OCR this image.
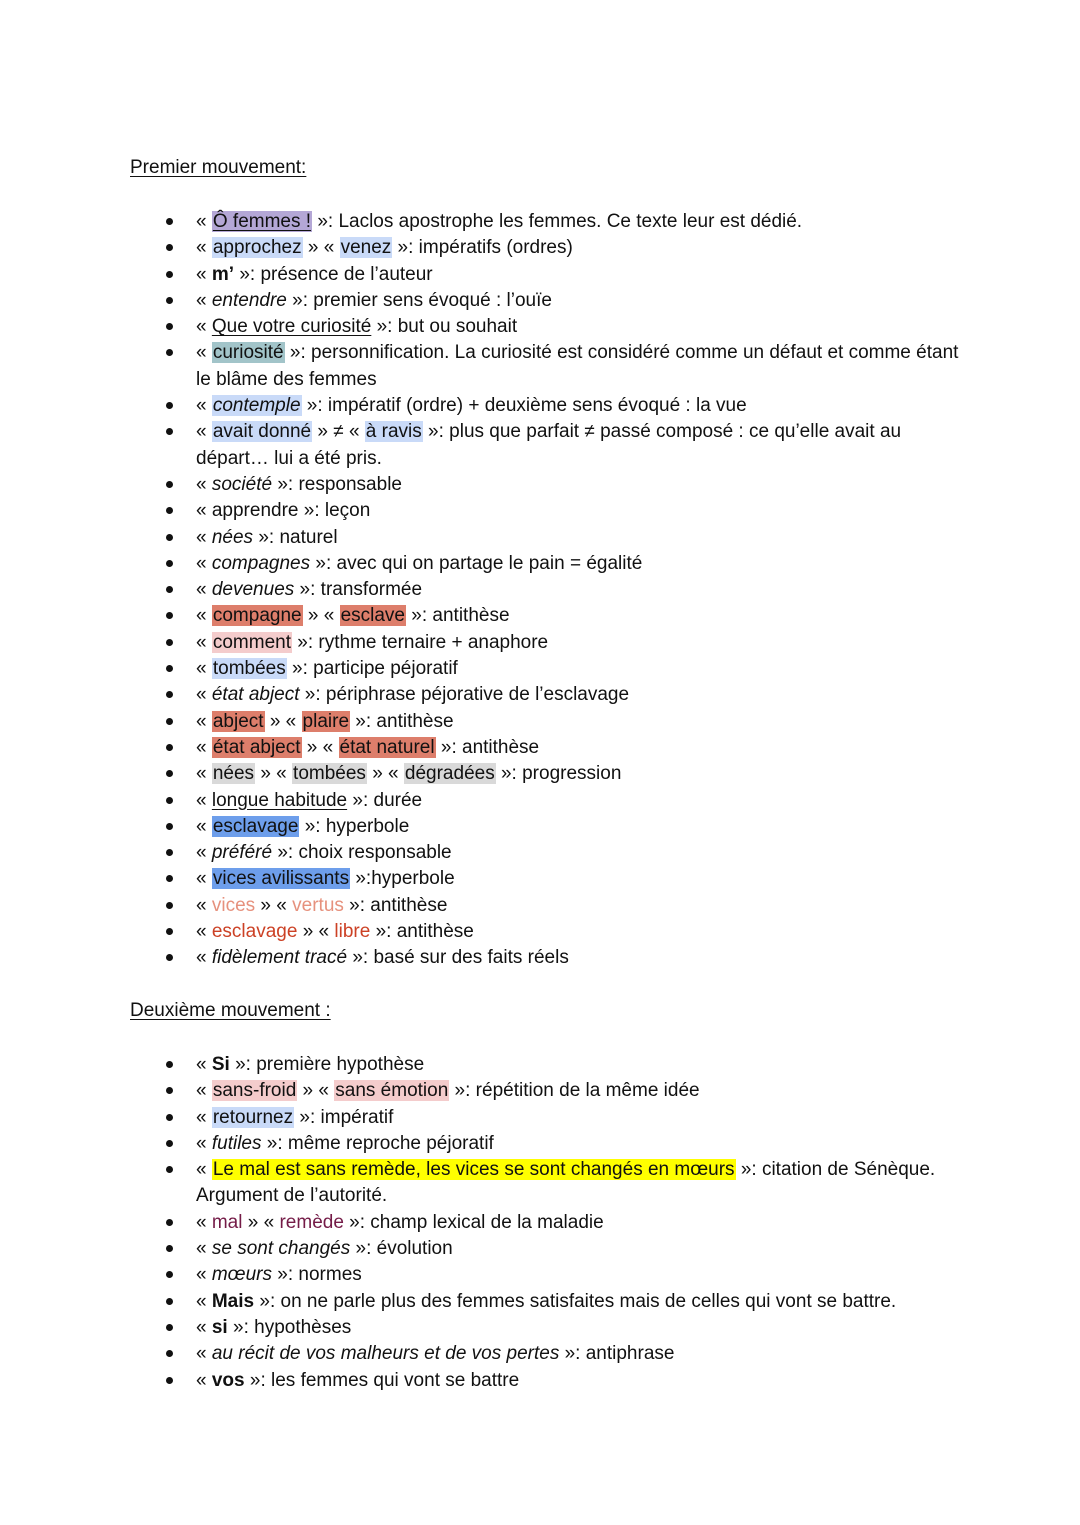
Premier mouvement:
« Ô femmes ! »: Laclos apostrophe les femmes. Ce texte leur est dédié.
« approchez » « venez »: impératifs (ordres)
« m’ »: présence de l’auteur
« entendre »: premier sens évoqué : l’ouïe
« Que votre curiosité »: but ou souhait
« curiosité »: personnification. La curiosité est considéré comme un défaut et comme étant le blâme des femmes
« contemple »: impératif (ordre) + deuxième sens évoqué : la vue
« avait donné » ≠ « à ravis »: plus que parfait ≠ passé composé : ce qu’elle avait au départ… lui a été pris.
« société »: responsable
« apprendre »: leçon
« nées »: naturel
« compagnes »: avec qui on partage le pain = égalité
« devenues »: transformée
« compagne » « esclave »: antithèse
« comment »: rythme ternaire + anaphore
« tombées »: participe péjoratif
« état abject »: périphrase péjorative de l’esclavage
« abject » « plaire »: antithèse
« état abject » « état naturel »: antithèse
« nées » « tombées » « dégradées »: progression
« longue habitude »: durée
« esclavage »: hyperbole
« préféré »: choix responsable
« vices avilissants »:hyperbole
« vices » « vertus »: antithèse
« esclavage » « libre »: antithèse
« fidèlement tracé »: basé sur des faits réels
Deuxième mouvement :
« Si »: première hypothèse
« sans-froid » « sans émotion »: répétition de la même idée
« retournez »: impératif
« futiles »: même reproche péjoratif
« Le mal est sans remède, les vices se sont changés en mœurs »: citation de Sénèque. Argument de l’autorité.
« mal » « remède »: champ lexical de la maladie
« se sont changés »: évolution
« mœurs »: normes
« Mais »: on ne parle plus des femmes satisfaites mais de celles qui vont se battre.
« si »: hypothèses
« au récit de vos malheurs et de vos pertes »: antiphrase
« vos »: les femmes qui vont se battre
